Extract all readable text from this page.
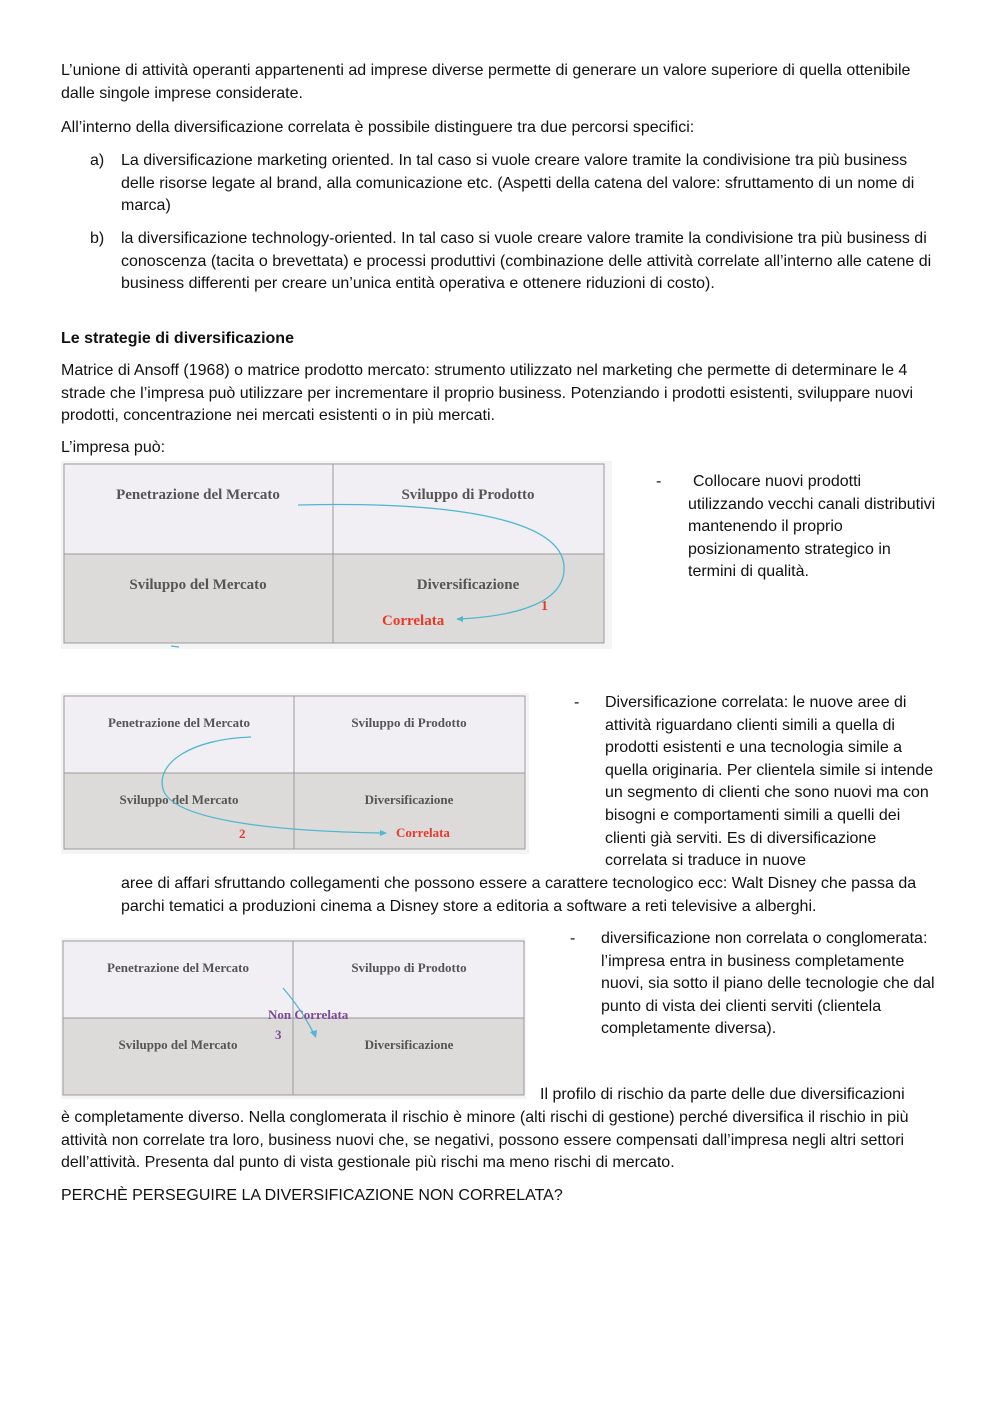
L’unione di attività operanti appartenenti ad imprese diverse permette di generare un valore superiore di quella ottenibile dalle singole imprese considerate.

All’interno della diversificazione correlata è possibile distinguere tra due percorsi specifici:

a) La diversificazione marketing oriented. In tal caso si vuole creare valore tramite la condivisione tra più business delle risorse legate al brand, alla comunicazione etc. (Aspetti della catena del valore: sfruttamento di un nome di marca)
b) la diversificazione technology-oriented. In tal caso si vuole creare valore tramite la condivisione tra più business di conoscenza (tacita o brevettata) e processi produttivi (combinazione delle attività correlate all’interno alle catene di business differenti per creare un’unica entità operativa e ottenere riduzioni di costo).

Le strategie di diversificazione

Matrice di Ansoff (1968) o matrice prodotto mercato: strumento utilizzato nel marketing che permette di determinare le 4 strade che l’impresa può utilizzare per incrementare il proprio business. Potenziando i prodotti esistenti, sviluppare nuovi prodotti, concentrazione nei mercati esistenti o in più mercati.

L’impresa può:

Penetrazione del Mercato	Sviluppo di Prodotto
Sviluppo del Mercato	Diversificazione
Correlata
1
-	Collocare nuovi prodotti utilizzando vecchi canali distributivi mantenendo il proprio posizionamento strategico in termini di qualità.
Penetrazione del Mercato	Sviluppo di Prodotto
Sviluppo del Mercato	Diversificazione
Correlata
2
- Diversificazione correlata: le nuove aree di attività riguardano clienti simili a quella di prodotti esistenti e una tecnologia simile a quella originaria. Per clientela simile si intende un segmento di clienti che sono nuovi ma con bisogni e comportamenti simili a quelli dei clienti già serviti. Es di diversificazione correlata si traduce in nuove

aree di affari sfruttando collegamenti che possono essere a carattere tecnologico ecc: Walt Disney che passa da parchi tematici a produzioni cinema a Disney store a editoria a software a reti televisive a alberghi.

Penetrazione del Mercato	Sviluppo di Prodotto
Sviluppo del Mercato	Diversificazione
Non Correlata
3
- diversificazione non correlata o conglomerata: l’impresa entra in business completamente nuovi, sia sotto il piano delle tecnologie che dal punto di vista dei clienti serviti (clientela completamente diversa).

Il profilo di rischio da parte delle due diversificazioni

è completamente diverso. Nella conglomerata il rischio è minore (alti rischi di gestione) perché diversifica il rischio in più attività non correlate tra loro, business nuovi che, se negativi, possono essere compensati dall’impresa negli altri settori dell’attività. Presenta dal punto di vista gestionale più rischi ma meno rischi di mercato.

PERCHÈ PERSEGUIRE LA DIVERSIFICAZIONE NON CORRELATA?
